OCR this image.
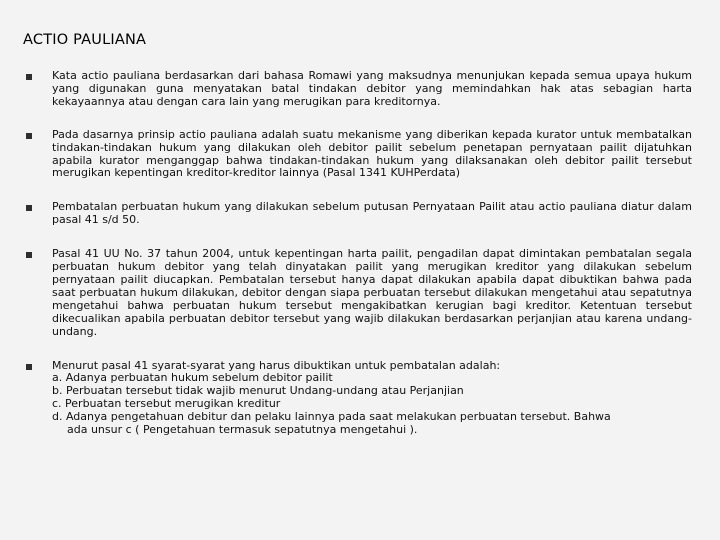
ACTIO PAULIANA
Kata actio pauliana berdasarkan dari bahasa Romawi yang maksudnya menunjukan kepada semua upaya hukum yang digunakan guna menyatakan batal tindakan debitor yang memindahkan hak atas sebagian harta kekayaannya atau dengan cara lain yang merugikan para kreditornya.
Pada dasarnya prinsip actio pauliana adalah suatu mekanisme yang diberikan kepada kurator untuk membatalkan tindakan-tindakan hukum yang dilakukan oleh debitor pailit sebelum penetapan pernyataan pailit dijatuhkan apabila kurator menganggap bahwa tindakan-tindakan hukum yang dilaksanakan oleh debitor pailit tersebut merugikan kepentingan kreditor-kreditor lainnya (Pasal 1341 KUHPerdata)
Pembatalan perbuatan hukum yang dilakukan sebelum putusan Pernyataan Pailit atau actio pauliana diatur dalam pasal 41 s/d 50.
Pasal 41 UU No. 37 tahun 2004, untuk kepentingan harta pailit, pengadilan dapat dimintakan pembatalan segala perbuatan hukum debitor yang telah dinyatakan pailit yang merugikan kreditor yang dilakukan sebelum pernyataan pailit diucapkan. Pembatalan tersebut hanya dapat dilakukan apabila dapat dibuktikan bahwa pada saat perbuatan hukum dilakukan, debitor dengan siapa perbuatan tersebut dilakukan mengetahui atau sepatutnya mengetahui bahwa perbuatan hukum tersebut mengakibatkan kerugian bagi kreditor. Ketentuan tersebut dikecualikan apabila perbuatan debitor tersebut yang wajib dilakukan berdasarkan perjanjian atau karena undang-undang.
Menurut pasal 41 syarat-syarat yang harus dibuktikan untuk pembatalan adalah:
a. Adanya perbuatan hukum sebelum debitor pailit
b. Perbuatan tersebut tidak wajib menurut Undang-undang atau Perjanjian
c. Perbuatan tersebut merugikan kreditur
d. Adanya pengetahuan debitur dan pelaku lainnya pada saat melakukan perbuatan tersebut. Bahwa
ada unsur c ( Pengetahuan termasuk sepatutnya mengetahui ).
